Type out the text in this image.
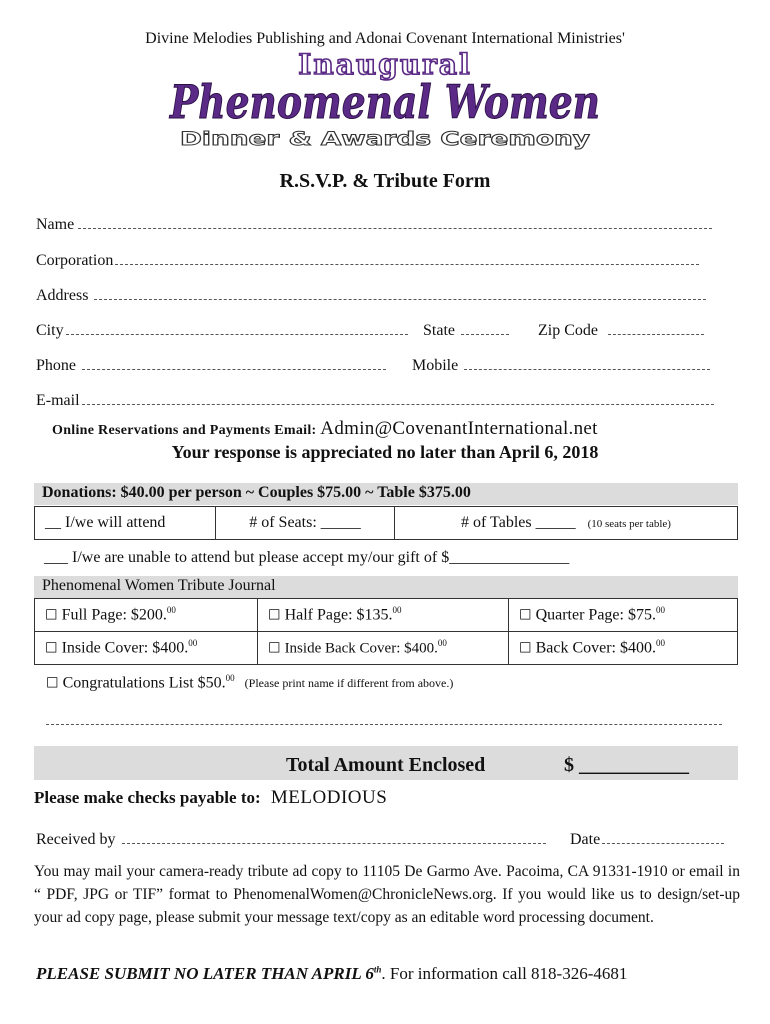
Divine Melodies Publishing and Adonai Covenant International Ministries'
Inaugural
Phenomenal Women
Dinner & Awards Ceremony
R.S.V.P. & Tribute Form
Name
Corporation
Address
City	State	Zip Code
Phone	Mobile
E-mail
Online Reservations and Payments Email: Admin@CovenantInternational.net
Your response is appreciated no later than April 6, 2018
Donations: $40.00 per person ~ Couples $75.00 ~ Table $375.00
__ I/we will attend	# of Seats: _____	# of Tables _____ (10 seats per table)
___ I/we are unable to attend but please accept my/our gift of $_______________
Phenomenal Women Tribute Journal
☐ Full Page: $200.00	☐ Half Page: $135.00	☐ Quarter Page: $75.00
☐ Inside Cover: $400.00	☐ Inside Back Cover: $400.00	☐ Back Cover: $400.00
☐ Congratulations List $50.00 (Please print name if different from above.)
Total Amount Enclosed	$ ___________
Please make checks payable to: MELODIOUS
Received by	Date
You may mail your camera-ready tribute ad copy to 11105 De Garmo Ave. Pacoima, CA 91331-1910 or email in “ PDF, JPG or TIF” format to PhenomenalWomen@ChronicleNews.org. If you would like us to design/set-up your ad copy page, please submit your message text/copy as an editable word processing document.
PLEASE SUBMIT NO LATER THAN APRIL 6th. For information call 818-326-4681
